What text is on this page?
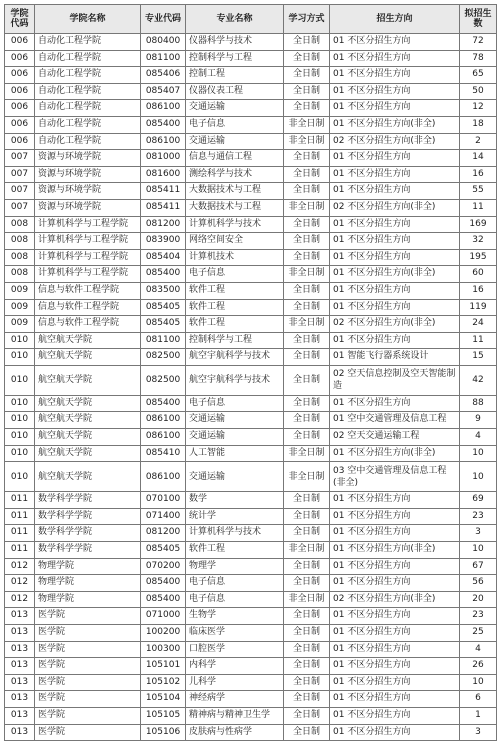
学院代码	学院名称	专业代码	专业名称	学习方式	招生方向	拟招生数
006	自动化工程学院	080400	仪器科学与技术	全日制	01 不区分招生方向	72
006	自动化工程学院	081100	控制科学与工程	全日制	01 不区分招生方向	78
006	自动化工程学院	085406	控制工程	全日制	01 不区分招生方向	65
006	自动化工程学院	085407	仪器仪表工程	全日制	01 不区分招生方向	50
006	自动化工程学院	086100	交通运输	全日制	01 不区分招生方向	12
006	自动化工程学院	085400	电子信息	非全日制	01 不区分招生方向(非全)	18
006	自动化工程学院	086100	交通运输	非全日制	02 不区分招生方向(非全)	2
007	资源与环境学院	081000	信息与通信工程	全日制	01 不区分招生方向	14
007	资源与环境学院	081600	测绘科学与技术	全日制	01 不区分招生方向	16
007	资源与环境学院	085411	大数据技术与工程	全日制	01 不区分招生方向	55
007	资源与环境学院	085411	大数据技术与工程	非全日制	02 不区分招生方向(非全)	11
008	计算机科学与工程学院	081200	计算机科学与技术	全日制	01 不区分招生方向	169
008	计算机科学与工程学院	083900	网络空间安全	全日制	01 不区分招生方向	32
008	计算机科学与工程学院	085404	计算机技术	全日制	01 不区分招生方向	195
008	计算机科学与工程学院	085400	电子信息	非全日制	01 不区分招生方向(非全)	60
009	信息与软件工程学院	083500	软件工程	全日制	01 不区分招生方向	16
009	信息与软件工程学院	085405	软件工程	全日制	01 不区分招生方向	119
009	信息与软件工程学院	085405	软件工程	非全日制	02 不区分招生方向(非全)	24
010	航空航天学院	081100	控制科学与工程	全日制	01 不区分招生方向	11
010	航空航天学院	082500	航空宇航科学与技术	全日制	01 智能飞行器系统设计	15
010	航空航天学院	082500	航空宇航科学与技术	全日制	02 空天信息控制及空天智能制造	42
010	航空航天学院	085400	电子信息	全日制	01 不区分招生方向	88
010	航空航天学院	086100	交通运输	全日制	01 空中交通管理及信息工程	9
010	航空航天学院	086100	交通运输	全日制	02 空天交通运输工程	4
010	航空航天学院	085410	人工智能	非全日制	01 不区分招生方向(非全)	10
010	航空航天学院	086100	交通运输	非全日制	03 空中交通管理及信息工程(非全)	10
011	数学科学学院	070100	数学	全日制	01 不区分招生方向	69
011	数学科学学院	071400	统计学	全日制	01 不区分招生方向	23
011	数学科学学院	081200	计算机科学与技术	全日制	01 不区分招生方向	3
011	数学科学学院	085405	软件工程	非全日制	01 不区分招生方向(非全)	10
012	物理学院	070200	物理学	全日制	01 不区分招生方向	67
012	物理学院	085400	电子信息	全日制	01 不区分招生方向	56
012	物理学院	085400	电子信息	非全日制	02 不区分招生方向(非全)	20
013	医学院	071000	生物学	全日制	01 不区分招生方向	23
013	医学院	100200	临床医学	全日制	01 不区分招生方向	25
013	医学院	100300	口腔医学	全日制	01 不区分招生方向	4
013	医学院	105101	内科学	全日制	01 不区分招生方向	26
013	医学院	105102	儿科学	全日制	01 不区分招生方向	10
013	医学院	105104	神经病学	全日制	01 不区分招生方向	6
013	医学院	105105	精神病与精神卫生学	全日制	01 不区分招生方向	1
013	医学院	105106	皮肤病与性病学	全日制	01 不区分招生方向	3
